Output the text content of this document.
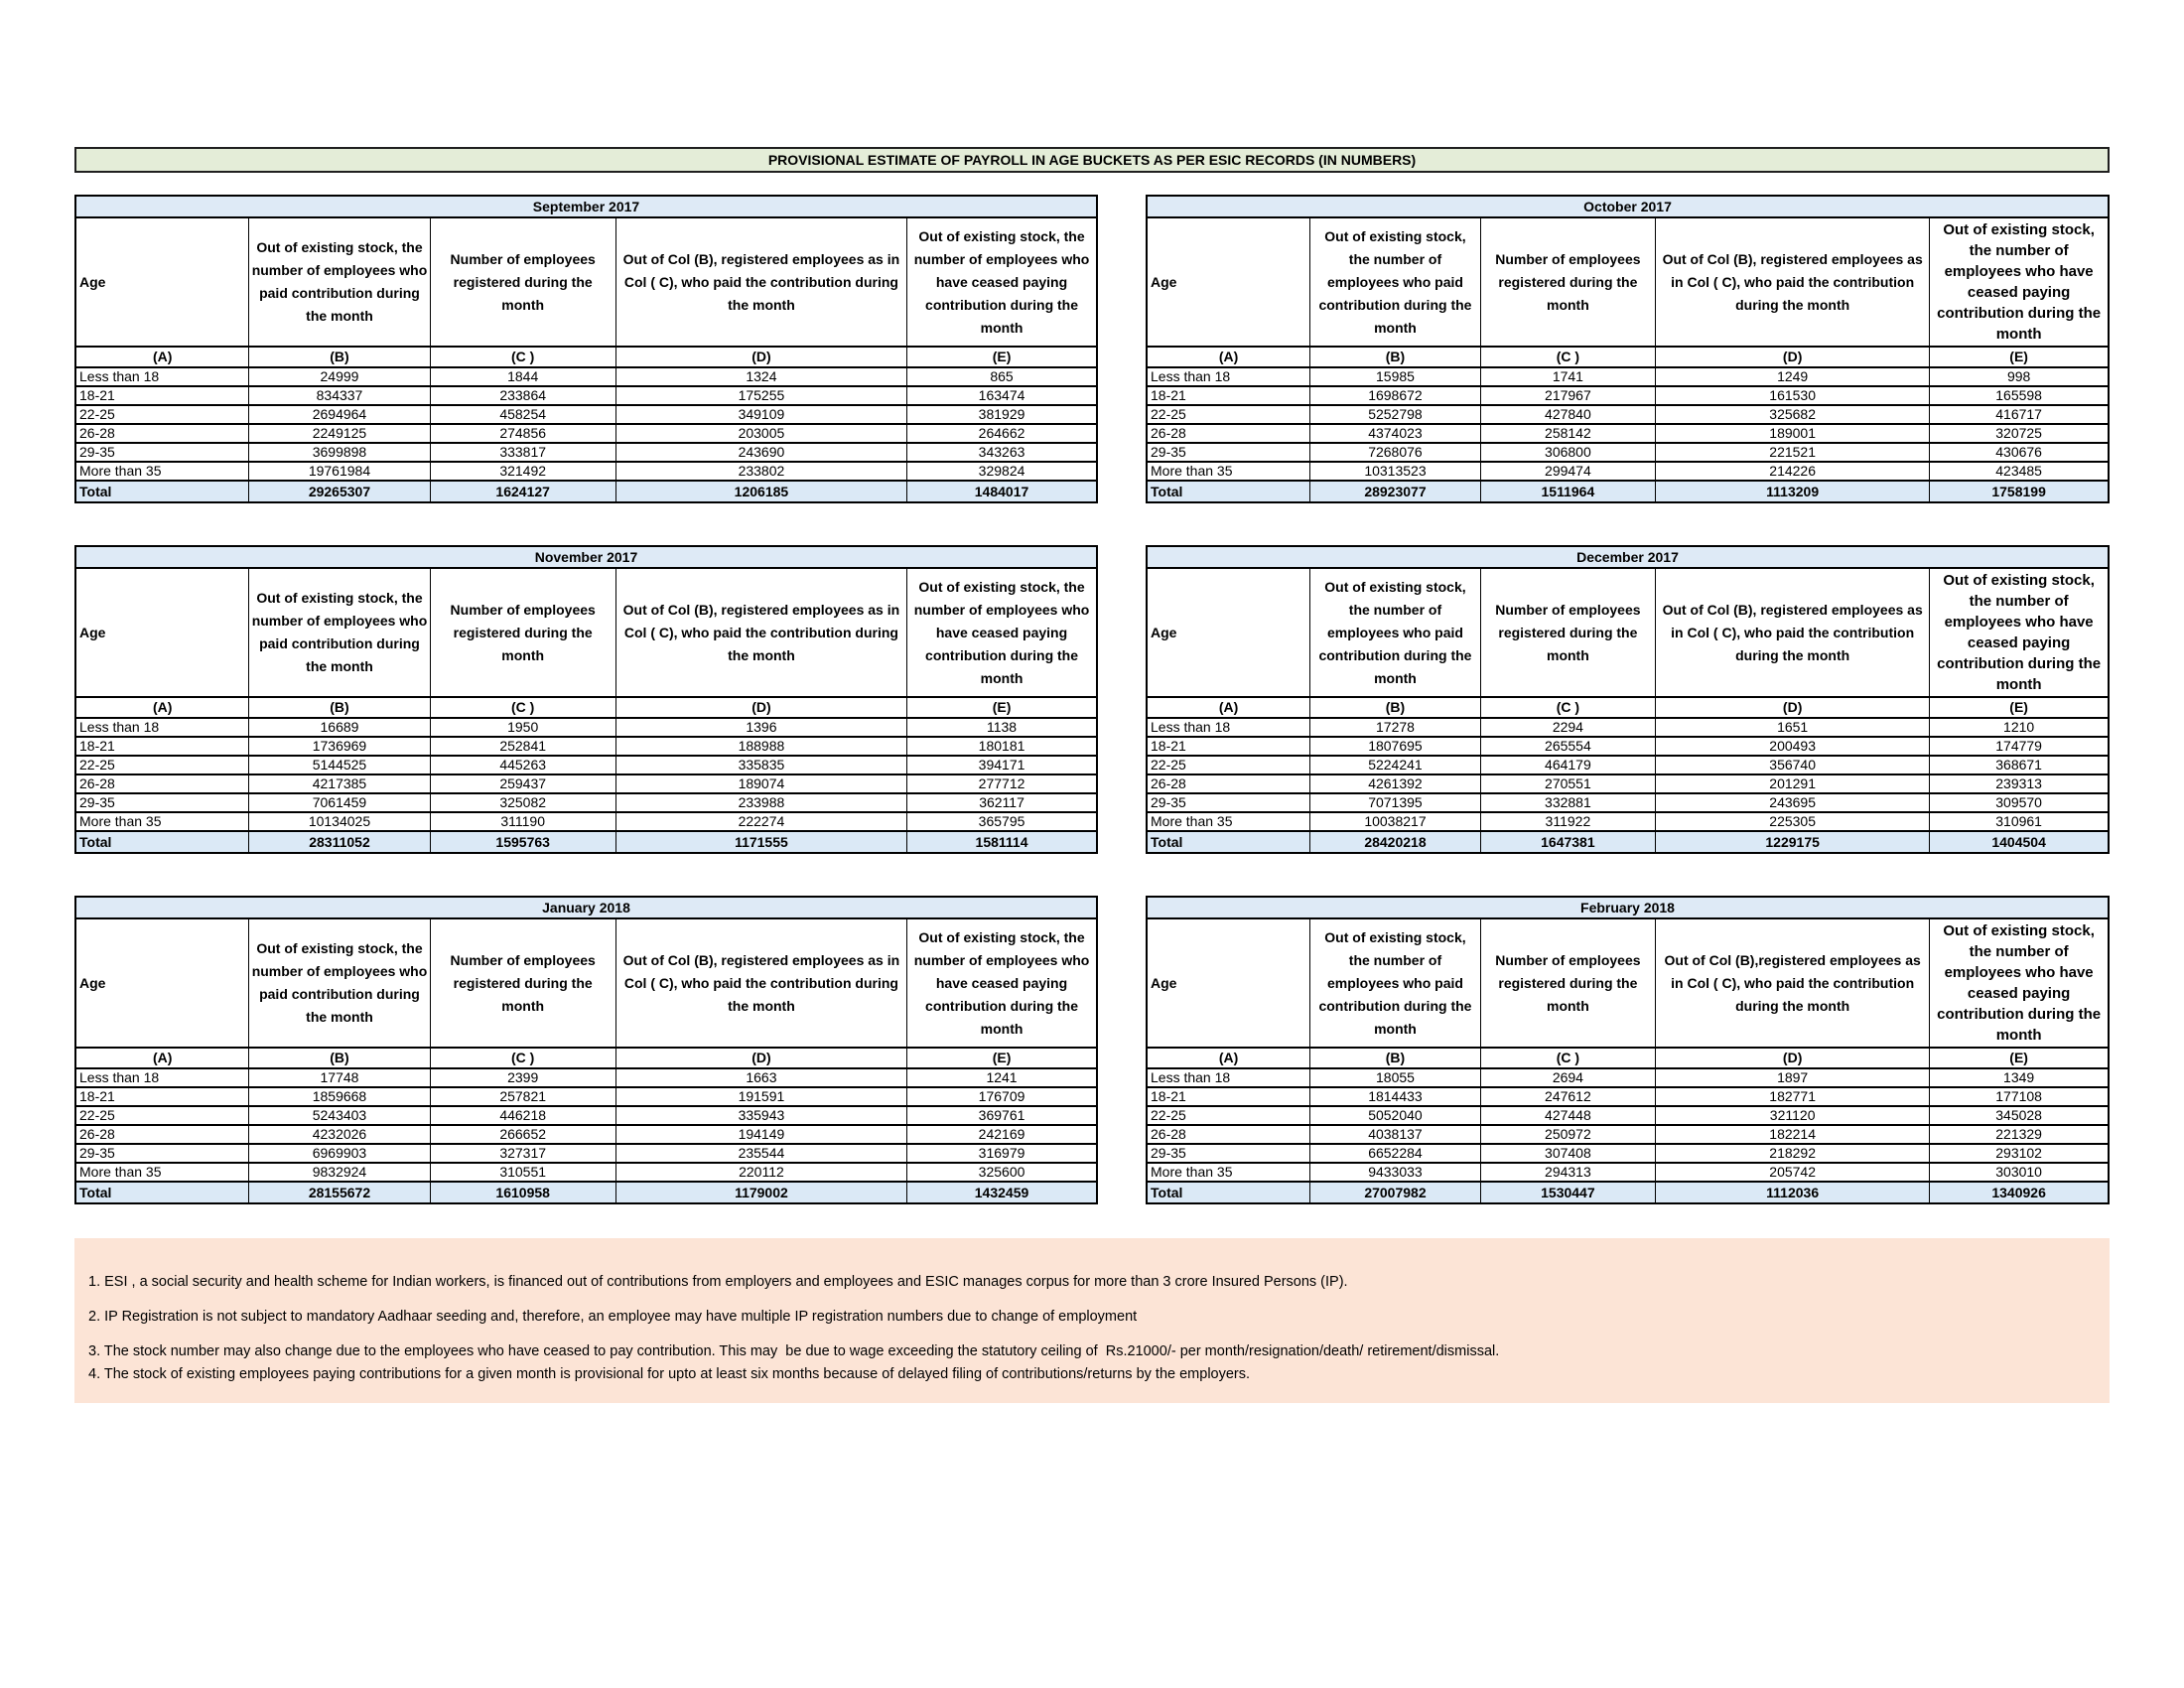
PROVISIONAL ESTIMATE OF PAYROLL IN AGE BUCKETS AS PER ESIC RECORDS (IN NUMBERS)
September 2017				

Age	Out of existing stock, the number of employees who paid contribution during the month	Number of employees registered during the month	Out of Col (B), registered employees as in Col ( C), who paid the contribution during the month	Out of existing stock, the number of employees who have ceased paying contribution during the month

(A)	(B)	(C )	(D)	(E)
Less than 18	24999	1844	1324	865
18-21	834337	233864	175255	163474
22-25	2694964	458254	349109	381929
26-28	2249125	274856	203005	264662
29-35	3699898	333817	243690	343263
More than 35	19761984	321492	233802	329824
Total	29265307	1624127	1206185	1484017
October 2017				

Age	Out of existing stock, the number of employees who paid contribution during the month	Number of employees registered during the month	Out of Col (B), registered employees as in Col ( C), who paid the contribution during the month	Out of existing stock, the number of employees who have ceased paying contribution during the month

(A)	(B)	(C )	(D)	(E)
Less than 18	15985	1741	1249	998
18-21	1698672	217967	161530	165598
22-25	5252798	427840	325682	416717
26-28	4374023	258142	189001	320725
29-35	7268076	306800	221521	430676
More than 35	10313523	299474	214226	423485
Total	28923077	1511964	1113209	1758199
November 2017				

Age	Out of existing stock, the number of employees who paid contribution during the month	Number of employees registered during the month	Out of Col (B), registered employees as in Col ( C), who paid the contribution during the month	Out of existing stock, the number of employees who have ceased paying contribution during the month

(A)	(B)	(C )	(D)	(E)
Less than 18	16689	1950	1396	1138
18-21	1736969	252841	188988	180181
22-25	5144525	445263	335835	394171
26-28	4217385	259437	189074	277712
29-35	7061459	325082	233988	362117
More than 35	10134025	311190	222274	365795
Total	28311052	1595763	1171555	1581114
December 2017				

Age	Out of existing stock, the number of employees who paid contribution during the month	Number of employees registered during the month	Out of Col (B), registered employees as in Col ( C), who paid the contribution during the month	Out of existing stock, the number of employees who have ceased paying contribution during the month

(A)	(B)	(C )	(D)	(E)
Less than 18	17278	2294	1651	1210
18-21	1807695	265554	200493	174779
22-25	5224241	464179	356740	368671
26-28	4261392	270551	201291	239313
29-35	7071395	332881	243695	309570
More than 35	10038217	311922	225305	310961
Total	28420218	1647381	1229175	1404504
January 2018				

Age	Out of existing stock, the number of employees who paid contribution during the month	Number of employees registered during the month	Out of Col (B), registered employees as in Col ( C), who paid the contribution during the month	Out of existing stock, the number of employees who have ceased paying contribution during the month

(A)	(B)	(C )	(D)	(E)
Less than 18	17748	2399	1663	1241
18-21	1859668	257821	191591	176709
22-25	5243403	446218	335943	369761
26-28	4232026	266652	194149	242169
29-35	6969903	327317	235544	316979
More than 35	9832924	310551	220112	325600
Total	28155672	1610958	1179002	1432459
February 2018				

Age	Out of existing stock, the number of employees who paid contribution during the month	Number of employees registered during the month	Out of Col (B),registered employees as in Col ( C), who paid the contribution during the month	Out of existing stock, the number of employees who have ceased paying contribution during the month

(A)	(B)	(C )	(D)	(E)
Less than 18	18055	2694	1897	1349
18-21	1814433	247612	182771	177108
22-25	5052040	427448	321120	345028
26-28	4038137	250972	182214	221329
29-35	6652284	307408	218292	293102
More than 35	9433033	294313	205742	303010
Total	27007982	1530447	1112036	1340926
1. ESI , a social security and health scheme for Indian workers, is financed out of contributions from employers and employees and ESIC manages corpus for more than 3 crore Insured Persons (IP).
2. IP Registration is not subject to mandatory Aadhaar seeding and, therefore, an employee may have multiple IP registration numbers due to change of employment
3. The stock number may also change due to the employees who have ceased to pay contribution. This may  be due to wage exceeding the statutory ceiling of  Rs.21000/- per month/resignation/death/ retirement/dismissal.
4. The stock of existing employees paying contributions for a given month is provisional for upto at least six months because of delayed filing of contributions/returns by the employers.
